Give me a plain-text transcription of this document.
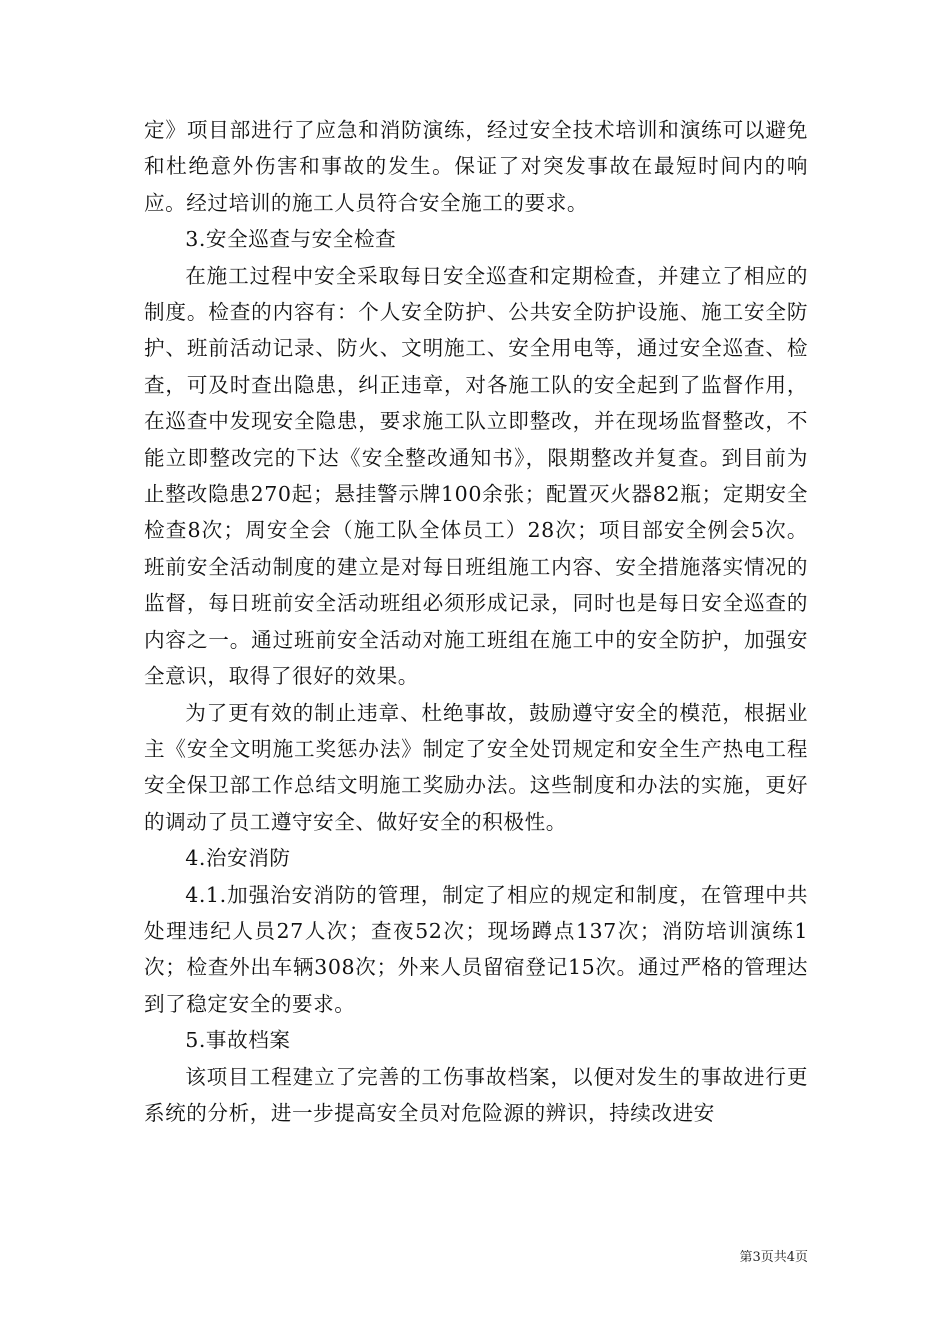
定》项目部进行了应急和消防演练，经过安全技术培训和演练可以避免和杜绝意外伤害和事故的发生。保证了对突发事故在最短时间内的响应。经过培训的施工人员符合安全施工的要求。

3.安全巡查与安全检查

在施工过程中安全采取每日安全巡查和定期检查，并建立了相应的制度。检查的内容有：个人安全防护、公共安全防护设施、施工安全防护、班前活动记录、防火、文明施工、安全用电等，通过安全巡查、检查，可及时查出隐患，纠正违章，对各施工队的安全起到了监督作用，在巡查中发现安全隐患，要求施工队立即整改，并在现场监督整改，不能立即整改完的下达《安全整改通知书》，限期整改并复查。到目前为止整改隐患270起；悬挂警示牌100余张；配置灭火器82瓶；定期安全检查8次；周安全会（施工队全体员工）28次；项目部安全例会5次。班前安全活动制度的建立是对每日班组施工内容、安全措施落实情况的监督，每日班前安全活动班组必须形成记录，同时也是每日安全巡查的内容之一。通过班前安全活动对施工班组在施工中的安全防护，加强安全意识，取得了很好的效果。

为了更有效的制止违章、杜绝事故，鼓励遵守安全的模范，根据业主《安全文明施工奖惩办法》制定了安全处罚规定和安全生产热电工程安全保卫部工作总结文明施工奖励办法。这些制度和办法的实施，更好的调动了员工遵守安全、做好安全的积极性。

4.治安消防

4.1.加强治安消防的管理，制定了相应的规定和制度，在管理中共处理违纪人员27人次；查夜52次；现场蹲点137次；消防培训演练1次；检查外出车辆308次；外来人员留宿登记15次。通过严格的管理达到了稳定安全的要求。

5.事故档案

该项目工程建立了完善的工伤事故档案，以便对发生的事故进行更系统的分析，进一步提高安全员对危险源的辨识，持续改进安

第3页共4页
